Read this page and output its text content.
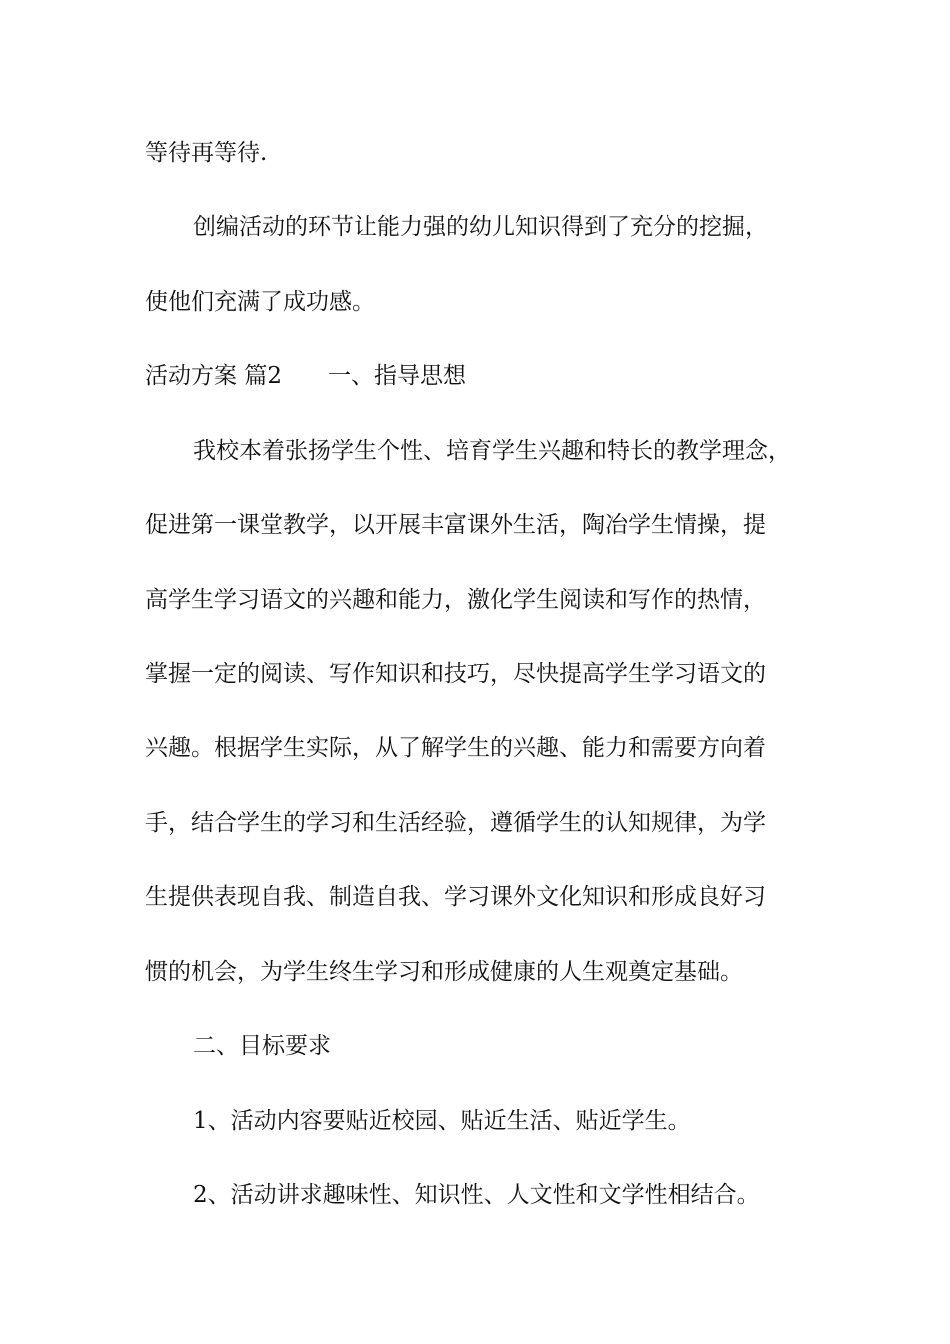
等待再等待.
创编活动的环节让能力强的幼儿知识得到了充分的挖掘，
使他们充满了成功感。
活动方案 篇2 一、指导思想
我校本着张扬学生个性、培育学生兴趣和特长的教学理念，
促进第一课堂教学，以开展丰富课外生活，陶冶学生情操，提
高学生学习语文的兴趣和能力，激化学生阅读和写作的热情，
掌握一定的阅读、写作知识和技巧，尽快提高学生学习语文的
兴趣。根据学生实际，从了解学生的兴趣、能力和需要方向着
手，结合学生的学习和生活经验，遵循学生的认知规律，为学
生提供表现自我、制造自我、学习课外文化知识和形成良好习
惯的机会，为学生终生学习和形成健康的人生观奠定基础。
二、目标要求
1、活动内容要贴近校园、贴近生活、贴近学生。
2、活动讲求趣味性、知识性、人文性和文学性相结合。
